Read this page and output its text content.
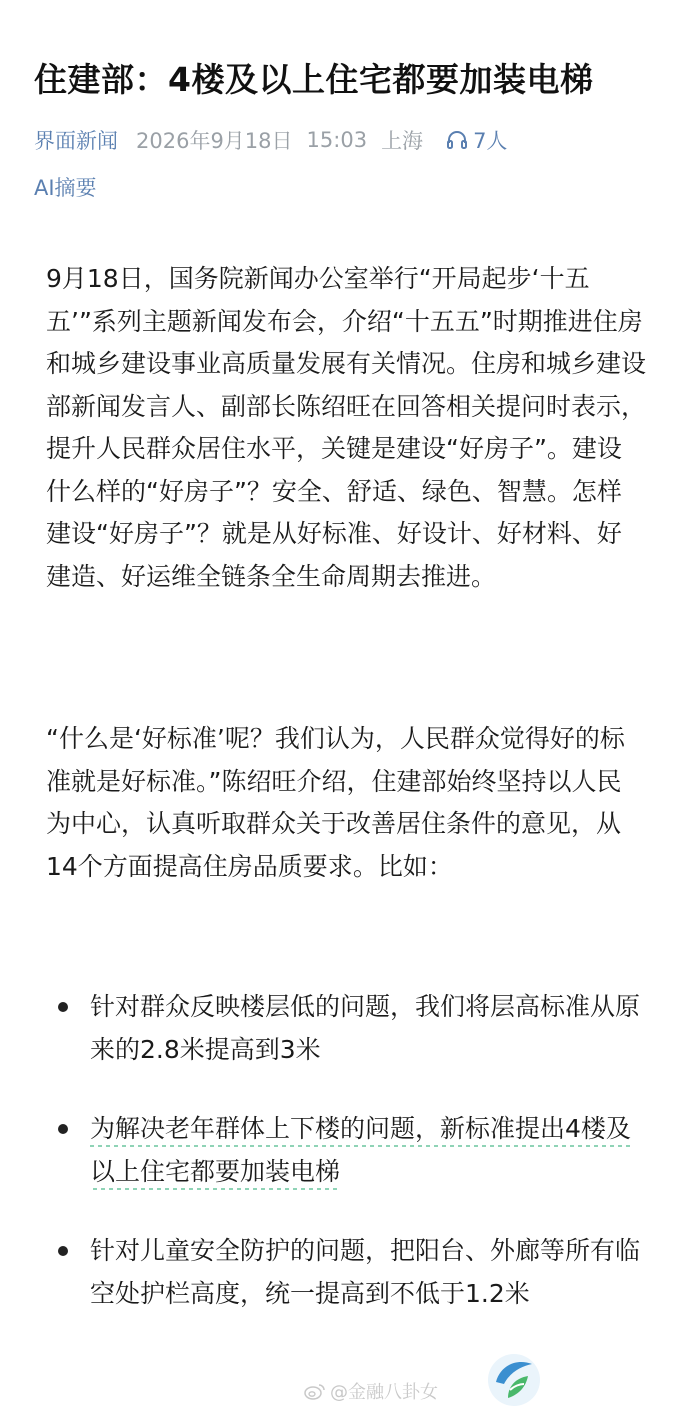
住建部：4楼及以上住宅都要加装电梯
界面新闻 2026年9月18日 15:03 上海 7人
AI摘要

9月18日，国务院新闻办公室举行“开局起步‘十五五’”系列主题新闻发布会，介绍“十五五”时期推进住房和城乡建设事业高质量发展有关情况。住房和城乡建设部新闻发言人、副部长陈绍旺在回答相关提问时表示，提升人民群众居住水平，关键是建设“好房子”。建设什么样的“好房子”？安全、舒适、绿色、智慧。怎样建设“好房子”？就是从好标准、好设计、好材料、好建造、好运维全链条全生命周期去推进。

“什么是‘好标准’呢？我们认为，人民群众觉得好的标准就是好标准。”陈绍旺介绍，住建部始终坚持以人民为中心，认真听取群众关于改善居住条件的意见，从14个方面提高住房品质要求。比如：

针对群众反映楼层低的问题，我们将层高标准从原来的2.8米提高到3米
为解决老年群体上下楼的问题，新标准提出4楼及以上住宅都要加装电梯
针对儿童安全防护的问题，把阳台、外廊等所有临空处护栏高度，统一提高到不低于1.2米
@金融八卦女
